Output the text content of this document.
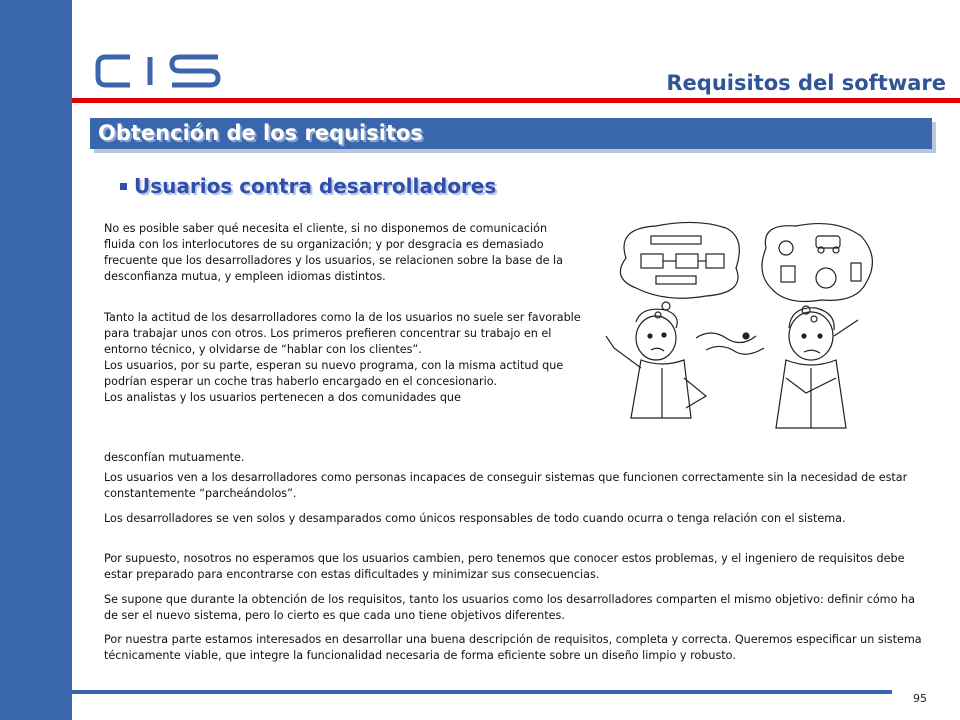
Requisitos del software
Obtención de los requisitos
Usuarios contra desarrolladores
No es posible saber qué necesita el cliente, si no disponemos de comunicación fluida con los interlocutores de su organización; y por desgracia es demasiado frecuente que los desarrolladores y los usuarios, se relacionen sobre la base de la desconfianza mutua, y empleen idiomas distintos.
Tanto la actitud de los desarrolladores como la de los usuarios no suele ser favorable para trabajar unos con otros. Los primeros prefieren concentrar su trabajo en el entorno técnico, y olvidarse de “hablar con los clientes”.
Los usuarios, por su parte, esperan su nuevo programa, con la misma actitud que podrían esperar un coche tras haberlo encargado en el concesionario.
Los analistas y los usuarios pertenecen a dos comunidades que
desconfían mutuamente.
Los usuarios ven a los desarrolladores como personas incapaces de conseguir sistemas que funcionen correctamente sin la necesidad de estar constantemente “parcheándolos”.
Los desarrolladores se ven solos y desamparados como únicos responsables de todo cuando ocurra o tenga relación con el sistema.
Por supuesto, nosotros no esperamos que los usuarios cambien, pero tenemos que conocer estos problemas, y el ingeniero de requisitos debe estar preparado para encontrarse con estas dificultades y minimizar sus consecuencias.
Se supone que durante la obtención de los requisitos, tanto los usuarios como los desarrolladores comparten el mismo objetivo: definir cómo ha de ser el nuevo sistema, pero lo cierto es que cada uno tiene objetivos diferentes.
Por nuestra parte estamos interesados en desarrollar una buena descripción de requisitos, completa y correcta. Queremos especificar un sistema técnicamente viable, que integre la funcionalidad necesaria de forma eficiente sobre un diseño limpio y robusto.
95
